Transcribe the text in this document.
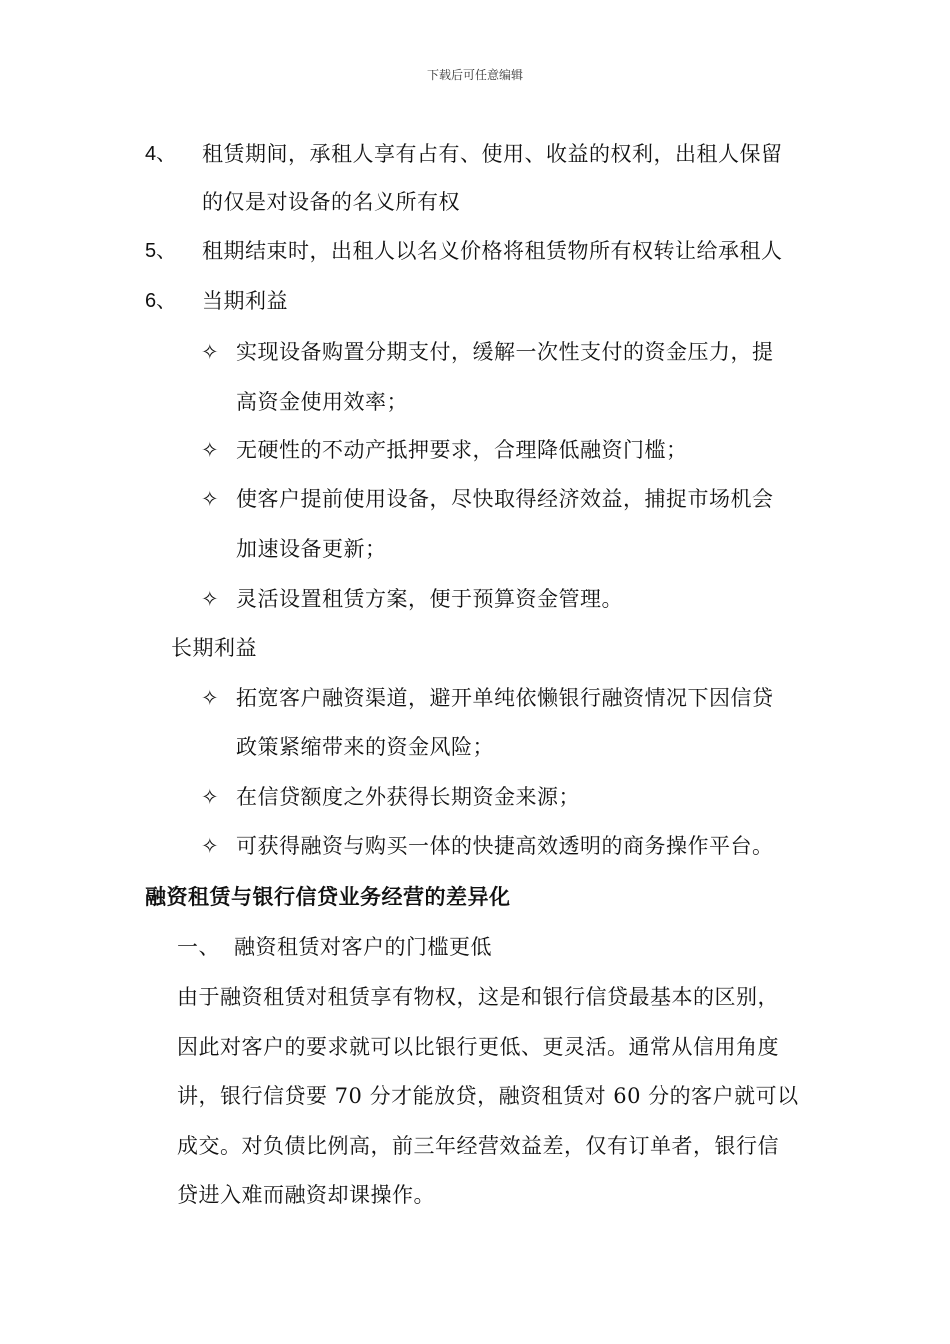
下载后可任意编辑
4、 租赁期间，承租人享有占有、使用、收益的权利，出租人保留
的仅是对设备的名义所有权
5、 租期结束时，出租人以名义价格将租赁物所有权转让给承租人
6、 当期利益
✧ 实现设备购置分期支付，缓解一次性支付的资金压力，提
高资金使用效率；
✧ 无硬性的不动产抵押要求，合理降低融资门槛；
✧ 使客户提前使用设备，尽快取得经济效益，捕捉市场机会
加速设备更新；
✧ 灵活设置租赁方案，便于预算资金管理。
长期利益
✧ 拓宽客户融资渠道，避开单纯依懒银行融资情况下因信贷
政策紧缩带来的资金风险；
✧ 在信贷额度之外获得长期资金来源；
✧ 可获得融资与购买一体的快捷高效透明的商务操作平台。
融资租赁与银行信贷业务经营的差异化
一、 融资租赁对客户的门槛更低
由于融资租赁对租赁享有物权，这是和银行信贷最基本的区别，
因此对客户的要求就可以比银行更低、更灵活。通常从信用角度
讲，银行信贷要 70 分才能放贷，融资租赁对 60 分的客户就可以
成交。对负债比例高，前三年经营效益差，仅有订单者，银行信
贷进入难而融资却课操作。
